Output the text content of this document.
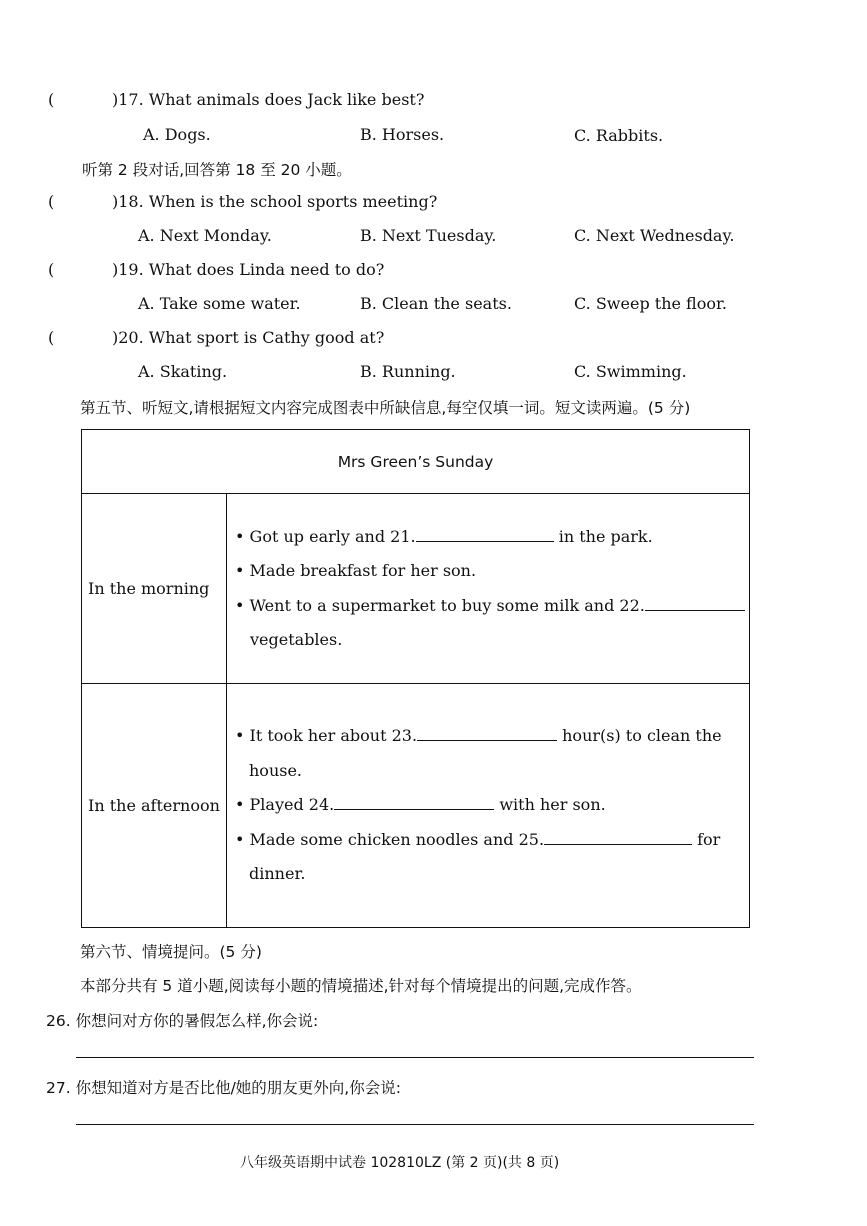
(	)17. What animals does Jack like best?
A. Dogs.	B. Horses.	C. Rabbits.
听第 2 段对话,回答第 18 至 20 小题。
(	)18. When is the school sports meeting?
A. Next Monday.	B. Next Tuesday.	C. Next Wednesday.
(	)19. What does Linda need to do?
A. Take some water.	B. Clean the seats.	C. Sweep the floor.
(	)20. What sport is Cathy good at?
A. Skating.	B. Running.	C. Swimming.
第五节、听短文,请根据短文内容完成图表中所缺信息,每空仅填一词。短文读两遍。(5 分)
Mrs Green’s Sunday	
In the morning	• Got up early and 21. in the park.
• Made breakfast for her son.
• Went to a supermarket to buy some milk and 22.
vegetables.

In the afternoon	• It took her about 23. hour(s) to clean the
house.
• Played 24. with her son.
• Made some chicken noodles and 25. for
dinner.
第六节、情境提问。(5 分)
本部分共有 5 道小题,阅读每小题的情境描述,针对每个情境提出的问题,完成作答。
26. 你想问对方你的暑假怎么样,你会说:
27. 你想知道对方是否比他/她的朋友更外向,你会说:
八年级英语期中试卷 102810LZ (第 2 页)(共 8 页)
